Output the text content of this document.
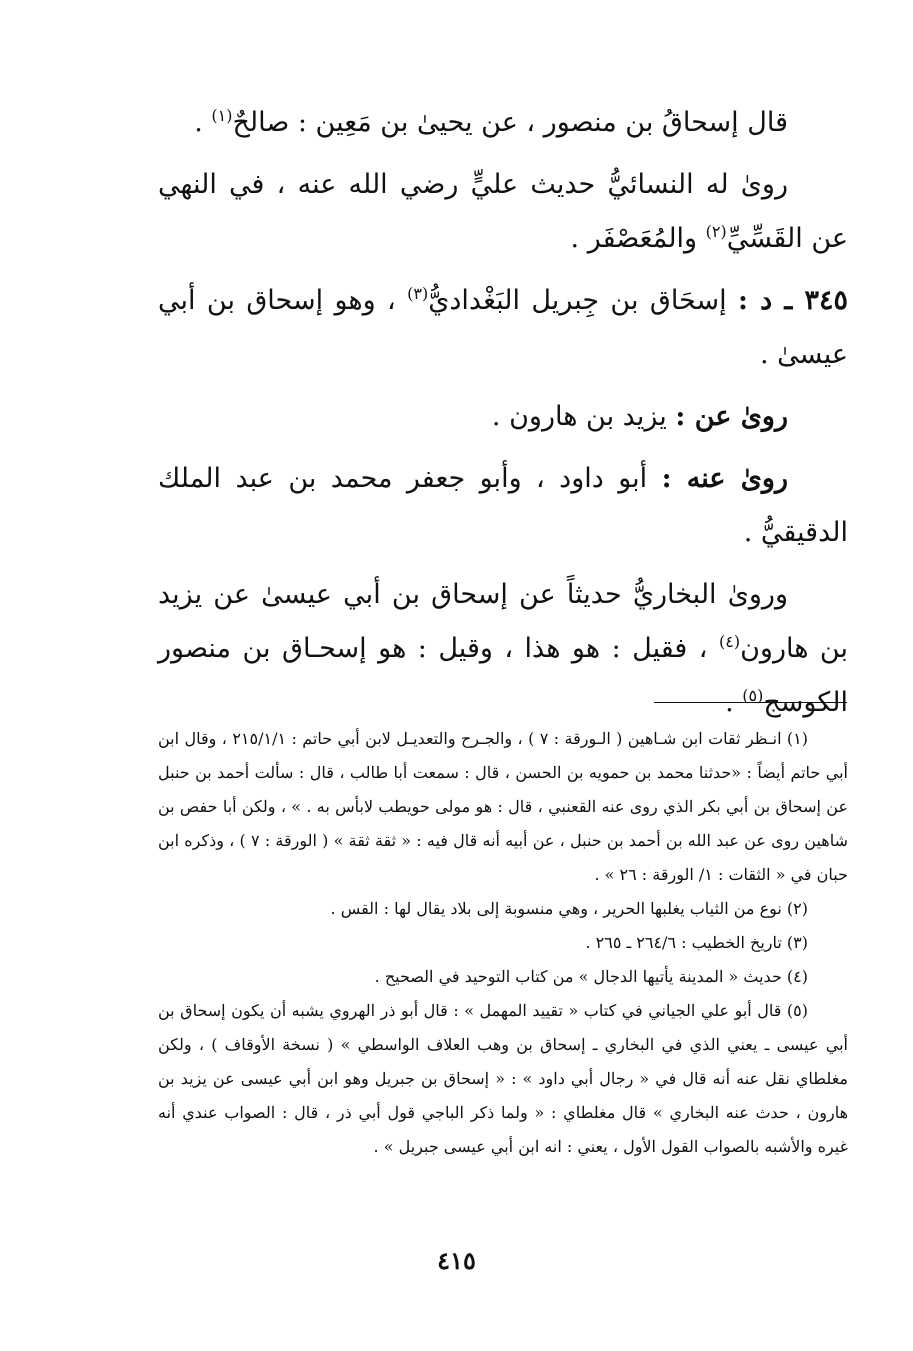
قال إسحاقُ بن منصور ، عن يحيىٰ بن مَعِين : صالحٌ$^{(١)}$ .

رویٰ له النسائيُّ حديث عليٍّ رضي الله عنه ، في النهي عن القَسِّيِّ$^{(٢)}$ والمُعَصْفَر .

٣٤٥ ـ د : إسحَاق بن جِبريل البَغْداديُّ$^{(٣)}$ ، وهو إسحاق بن أبي عيسىٰ .

رویٰ عن : يزيد بن هارون .

رویٰ عنه : أبو داود ، وأبو جعفر محمد بن عبد الملك الدقيقيُّ .

وروىٰ البخاريُّ حديثاً عن إسحاق بن أبي عيسىٰ عن يزيد بن هارون$^{(٤)}$ ، فقيل : هو هذا ، وقيل : هو إسحـاق بن منصور الكوسج$^{(٥)}$ .

(١) انـظر ثقات ابن شـاهين ( الـورقة : ٧ ) ، والجـرح والتعديـل لابن أبي حاتم : ٢١٥/١/١ ، وقال ابن أبي حاتم أيضاً : «حدثنا محمد بن حمويه بن الحسن ، قال : سمعت أبا طالب ، قال : سألت أحمد بن حنبل عن إسحاق بن أبي بكر الذي روى عنه القعنبي ، قال : هو مولى حويطب لابأس به . » ، ولكن أبا حفص بن شاهين روى عن عبد الله بن أحمد بن حنبل ، عن أبيه أنه قال فيه : « ثقة ثقة » ( الورقة : ٧ ) ، وذكره ابن حبان في « الثقات : ١/ الورقة : ٢٦ » .

(٢) نوع من الثياب يغلبها الحرير ، وهي منسوبة إلى بلاد يقال لها : القس .

(٣) تاريخ الخطيب : ٢٦٤/٦ ـ ٢٦٥ .

(٤) حديث « المدينة يأتيها الدجال » من كتاب التوحيد في الصحيح .

(٥) قال أبو علي الجياني في كتاب « تقييد المهمل » : قال أبو ذر الهروي يشبه أن يكون إسحاق بن أبي عيسى ـ يعني الذي في البخاري ـ إسحاق بن وهب العلاف الواسطي » ( نسخة الأوقاف ) ، ولكن مغلطاي نقل عنه أنه قال في « رجال أبي داود » : « إسحاق بن جبريل وهو ابن أبي عيسى عن يزيد بن هارون ، حدث عنه البخاري » قال مغلطاي : « ولما ذكر الباجي قول أبي ذر ، قال : الصواب عندي أنه غيره والأشبه بالصواب القول الأول ، يعني : انه ابن أبي عيسى جبريل » .

٤١٥
